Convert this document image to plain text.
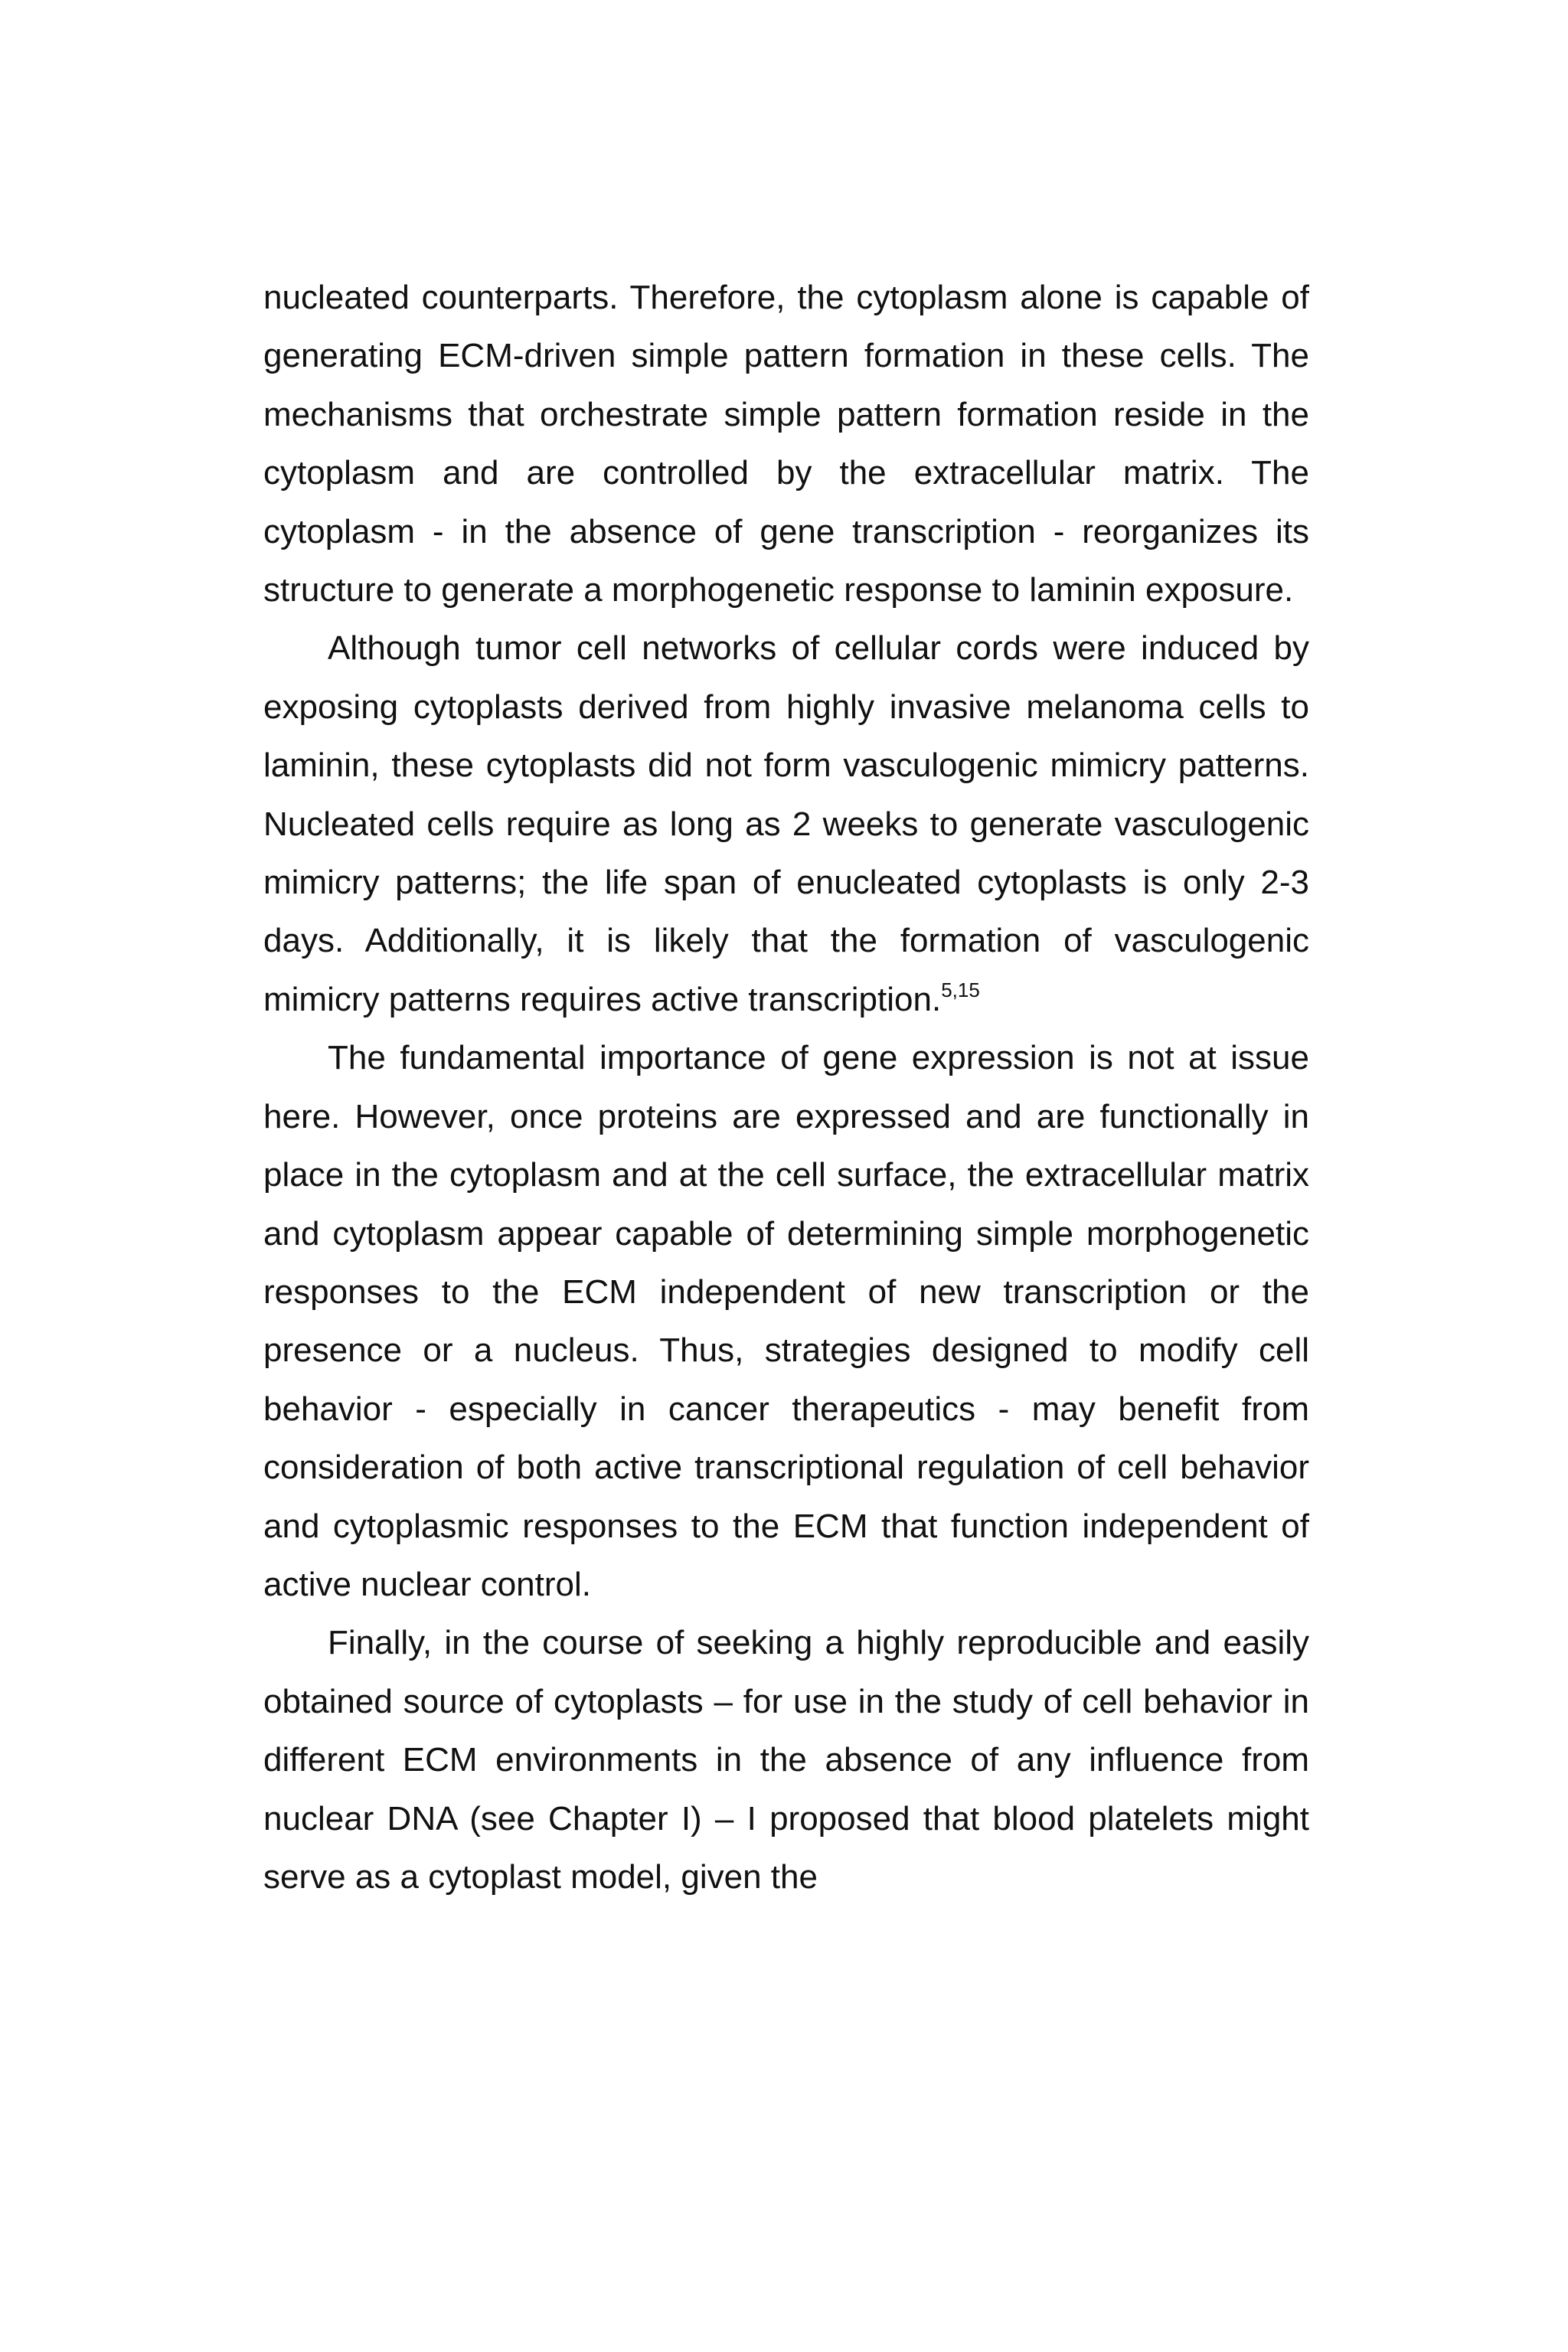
nucleated counterparts. Therefore, the cytoplasm alone is capable of generating ECM-driven simple pattern formation in these cells. The mechanisms that orchestrate simple pattern formation reside in the cytoplasm and are controlled by the extracellular matrix. The cytoplasm - in the absence of gene transcription - reorganizes its structure to generate a morphogenetic response to laminin exposure.

Although tumor cell networks of cellular cords were induced by exposing cytoplasts derived from highly invasive melanoma cells to laminin, these cytoplasts did not form vasculogenic mimicry patterns. Nucleated cells require as long as 2 weeks to generate vasculogenic mimicry patterns; the life span of enucleated cytoplasts is only 2-3 days. Additionally, it is likely that the formation of vasculogenic mimicry patterns requires active transcription.$^{5,15}$

The fundamental importance of gene expression is not at issue here. However, once proteins are expressed and are functionally in place in the cytoplasm and at the cell surface, the extracellular matrix and cytoplasm appear capable of determining simple morphogenetic responses to the ECM independent of new transcription or the presence or a nucleus. Thus, strategies designed to modify cell behavior - especially in cancer therapeutics - may benefit from consideration of both active transcriptional regulation of cell behavior and cytoplasmic responses to the ECM that function independent of active nuclear control.

Finally, in the course of seeking a highly reproducible and easily obtained source of cytoplasts – for use in the study of cell behavior in different ECM environments in the absence of any influence from nuclear DNA (see Chapter I) – I proposed that blood platelets might serve as a cytoplast model, given the
